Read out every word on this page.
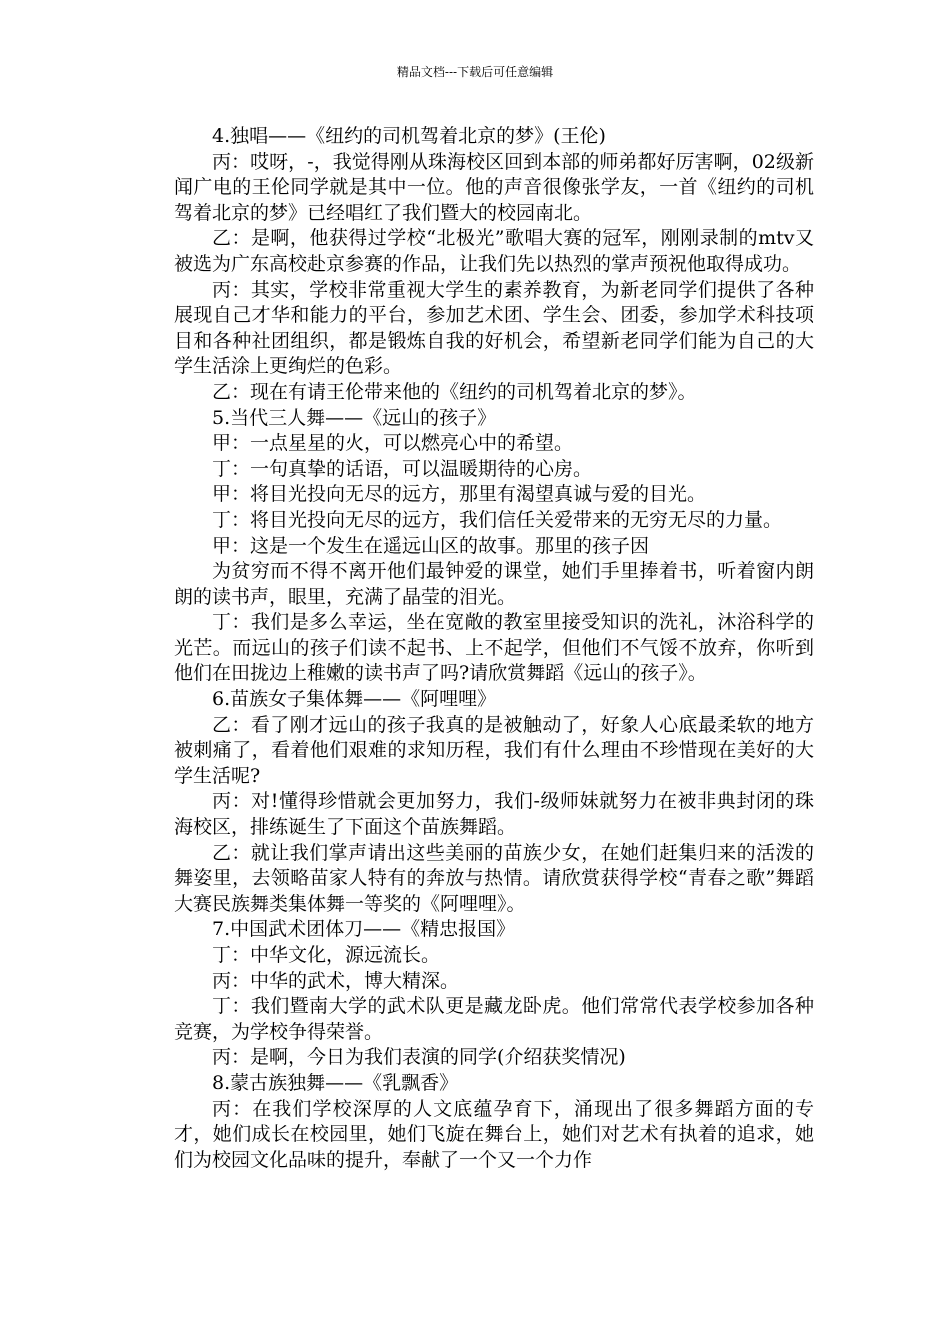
精品文档---下载后可任意编辑

4.独唱——《纽约的司机驾着北京的梦》(王伦)

丙：哎呀，-，我觉得刚从珠海校区回到本部的师弟都好厉害啊，02级新闻广电的王伦同学就是其中一位。他的声音很像张学友，一首《纽约的司机驾着北京的梦》已经唱红了我们暨大的校园南北。

乙：是啊，他获得过学校“北极光”歌唱大赛的冠军，刚刚录制的mtv又被选为广东高校赴京参赛的作品，让我们先以热烈的掌声预祝他取得成功。

丙：其实，学校非常重视大学生的素养教育，为新老同学们提供了各种展现自己才华和能力的平台，参加艺术团、学生会、团委，参加学术科技项目和各种社团组织，都是锻炼自我的好机会，希望新老同学们能为自己的大学生活涂上更绚烂的色彩。

乙：现在有请王伦带来他的《纽约的司机驾着北京的梦》。

5.当代三人舞——《远山的孩子》

甲：一点星星的火，可以燃亮心中的希望。

丁：一句真挚的话语，可以温暖期待的心房。

甲：将目光投向无尽的远方，那里有渴望真诚与爱的目光。

丁：将目光投向无尽的远方，我们信任关爱带来的无穷无尽的力量。

甲：这是一个发生在遥远山区的故事。那里的孩子因

为贫穷而不得不离开他们最钟爱的课堂，她们手里捧着书，听着窗内朗朗的读书声，眼里，充满了晶莹的泪光。

丁：我们是多么幸运，坐在宽敞的教室里接受知识的洗礼，沐浴科学的光芒。而远山的孩子们读不起书、上不起学，但他们不气馁不放弃，你听到他们在田拢边上稚嫩的读书声了吗?请欣赏舞蹈《远山的孩子》。

6.苗族女子集体舞——《阿哩哩》

乙：看了刚才远山的孩子我真的是被触动了，好象人心底最柔软的地方被刺痛了，看着他们艰难的求知历程，我们有什么理由不珍惜现在美好的大学生活呢?

丙：对!懂得珍惜就会更加努力，我们-级师妹就努力在被非典封闭的珠海校区，排练诞生了下面这个苗族舞蹈。

乙：就让我们掌声请出这些美丽的苗族少女，在她们赶集归来的活泼的舞姿里，去领略苗家人特有的奔放与热情。请欣赏获得学校“青春之歌”舞蹈大赛民族舞类集体舞一等奖的《阿哩哩》。

7.中国武术团体刀——《精忠报国》

丁：中华文化，源远流长。

丙：中华的武术，博大精深。

丁：我们暨南大学的武术队更是藏龙卧虎。他们常常代表学校参加各种竞赛，为学校争得荣誉。

丙：是啊，今日为我们表演的同学(介绍获奖情况)

8.蒙古族独舞——《乳飘香》

丙：在我们学校深厚的人文底蕴孕育下，涌现出了很多舞蹈方面的专才，她们成长在校园里，她们飞旋在舞台上，她们对艺术有执着的追求，她们为校园文化品味的提升，奉献了一个又一个力作
